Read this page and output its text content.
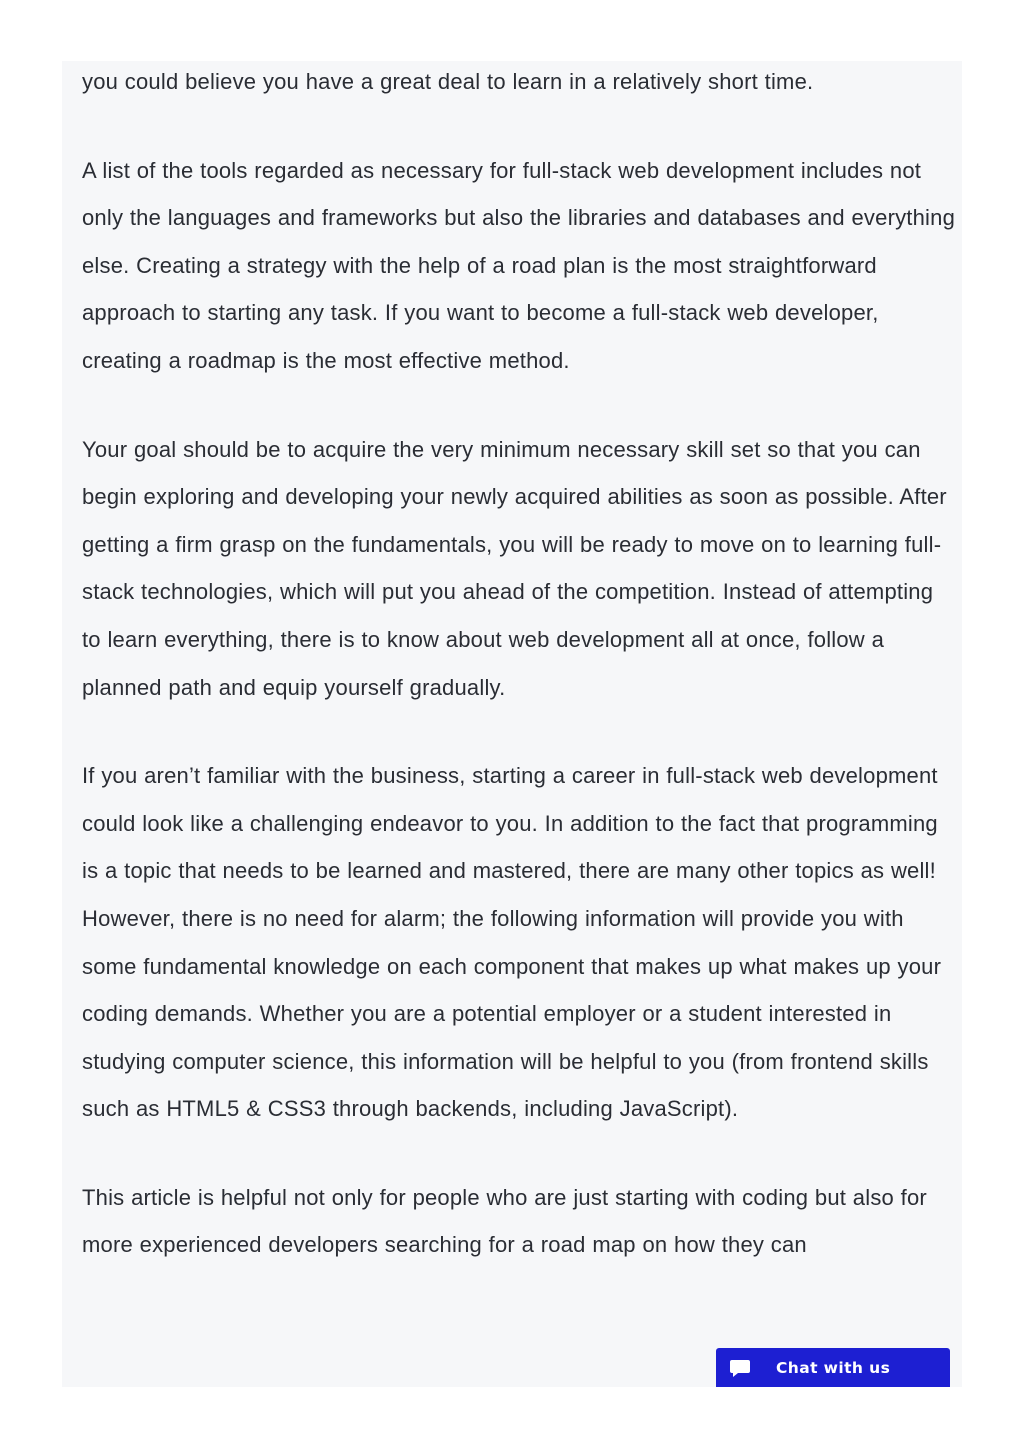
you could believe you have a great deal to learn in a relatively short time.

A list of the tools regarded as necessary for full-stack web development includes not only the languages and frameworks but also the libraries and databases and everything else. Creating a strategy with the help of a road plan is the most straightforward approach to starting any task. If you want to become a full-stack web developer, creating a roadmap is the most effective method.

Your goal should be to acquire the very minimum necessary skill set so that you can begin exploring and developing your newly acquired abilities as soon as possible. After getting a firm grasp on the fundamentals, you will be ready to move on to learning full-stack technologies, which will put you ahead of the competition. Instead of attempting to learn everything, there is to know about web development all at once, follow a planned path and equip yourself gradually.

If you aren’t familiar with the business, starting a career in full-stack web development could look like a challenging endeavor to you. In addition to the fact that programming is a topic that needs to be learned and mastered, there are many other topics as well! However, there is no need for alarm; the following information will provide you with some fundamental knowledge on each component that makes up what makes up your coding demands. Whether you are a potential employer or a student interested in studying computer science, this information will be helpful to you (from frontend skills such as HTML5 & CSS3 through backends, including JavaScript).

This article is helpful not only for people who are just starting with coding but also for more experienced developers searching for a road map on how they can

Chat with us
